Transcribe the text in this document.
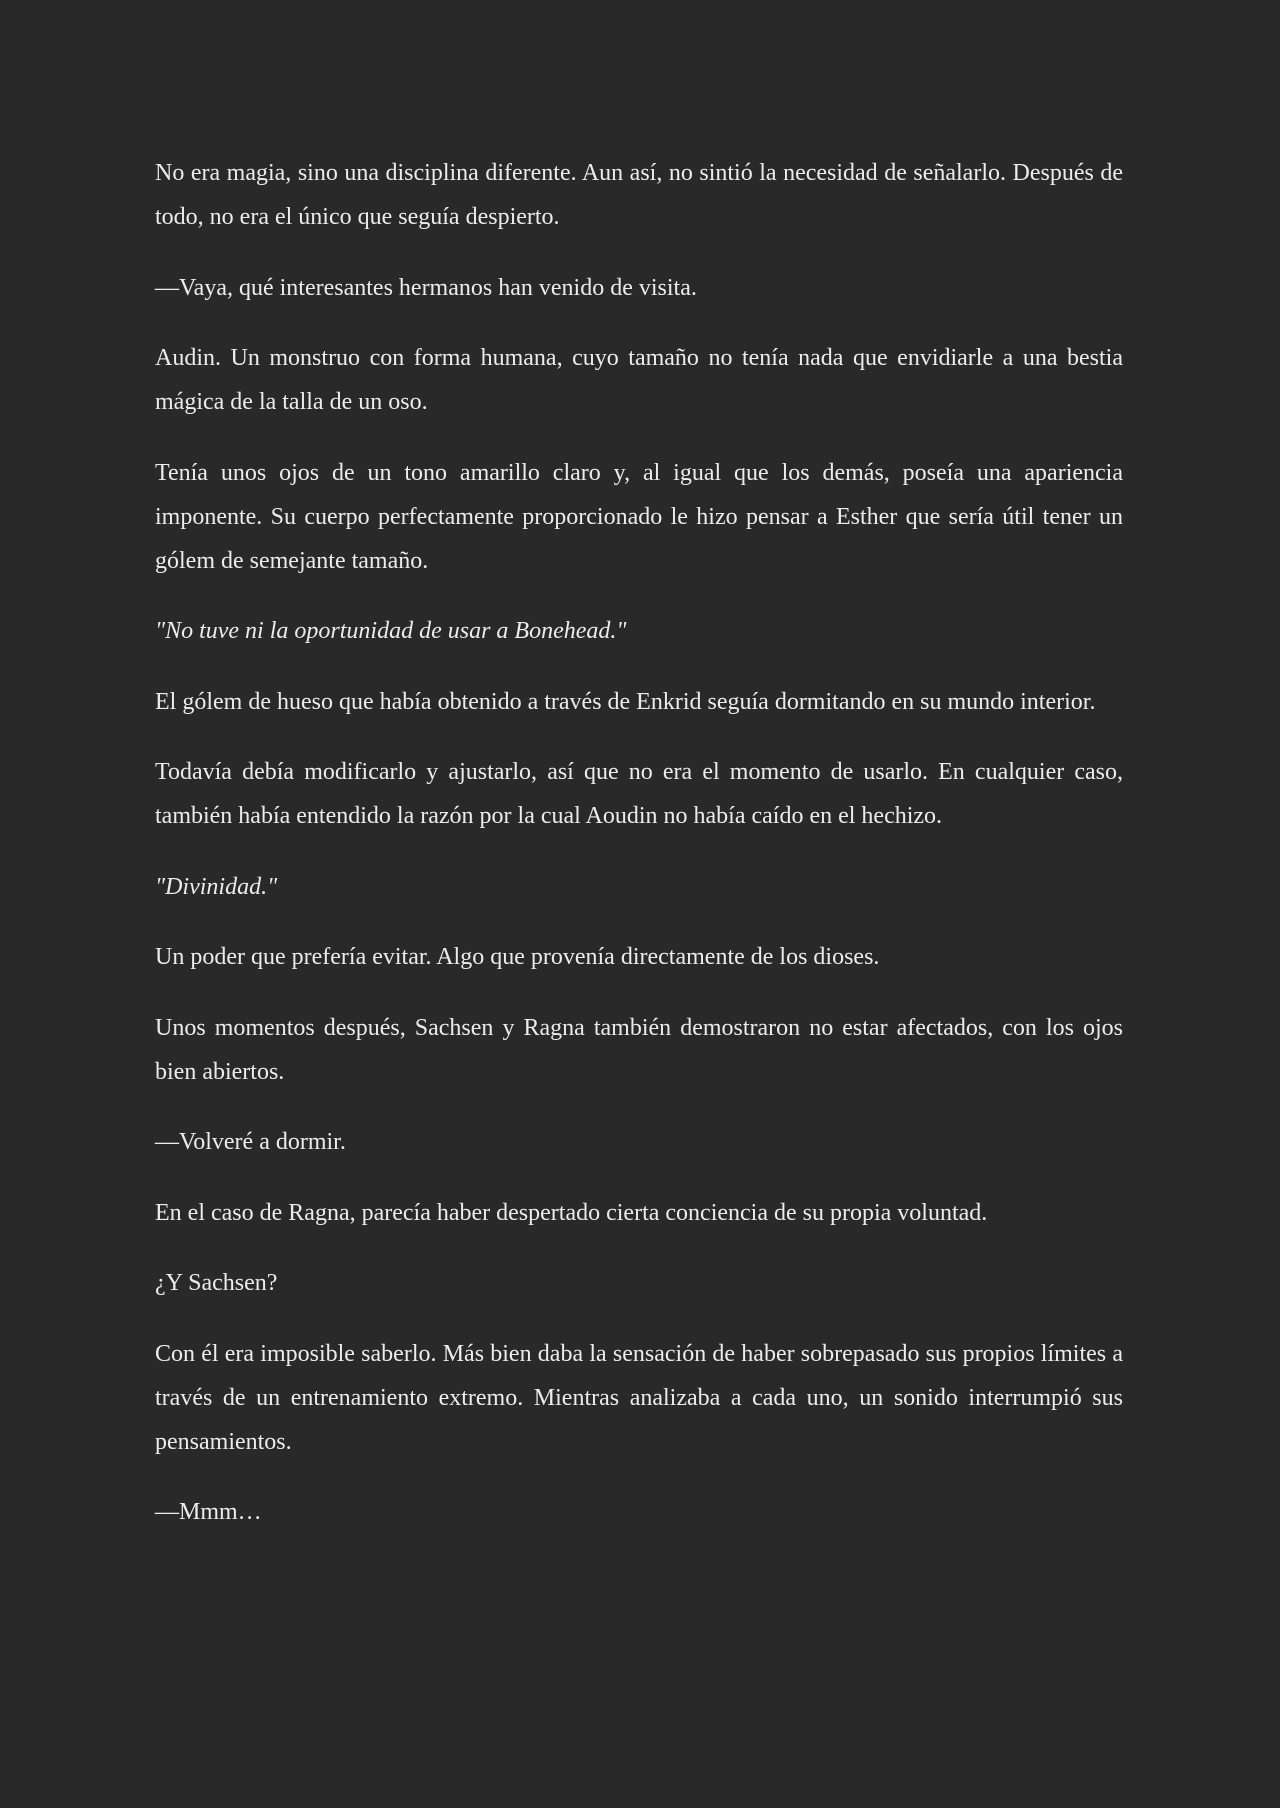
No era magia, sino una disciplina diferente. Aun así, no sintió la necesidad de señalarlo. Después de todo, no era el único que seguía despierto.

—Vaya, qué interesantes hermanos han venido de visita.

Audin. Un monstruo con forma humana, cuyo tamaño no tenía nada que envidiarle a una bestia mágica de la talla de un oso.

Tenía unos ojos de un tono amarillo claro y, al igual que los demás, poseía una apariencia imponente. Su cuerpo perfectamente proporcionado le hizo pensar a Esther que sería útil tener un gólem de semejante tamaño.

"No tuve ni la oportunidad de usar a Bonehead."

El gólem de hueso que había obtenido a través de Enkrid seguía dormitando en su mundo interior.

Todavía debía modificarlo y ajustarlo, así que no era el momento de usarlo. En cualquier caso, también había entendido la razón por la cual Aoudin no había caído en el hechizo.

"Divinidad."

Un poder que prefería evitar. Algo que provenía directamente de los dioses.

Unos momentos después, Sachsen y Ragna también demostraron no estar afectados, con los ojos bien abiertos.

—Volveré a dormir.

En el caso de Ragna, parecía haber despertado cierta conciencia de su propia voluntad.

¿Y Sachsen?

Con él era imposible saberlo. Más bien daba la sensación de haber sobrepasado sus propios límites a través de un entrenamiento extremo. Mientras analizaba a cada uno, un sonido interrumpió sus pensamientos.

—Mmm…
